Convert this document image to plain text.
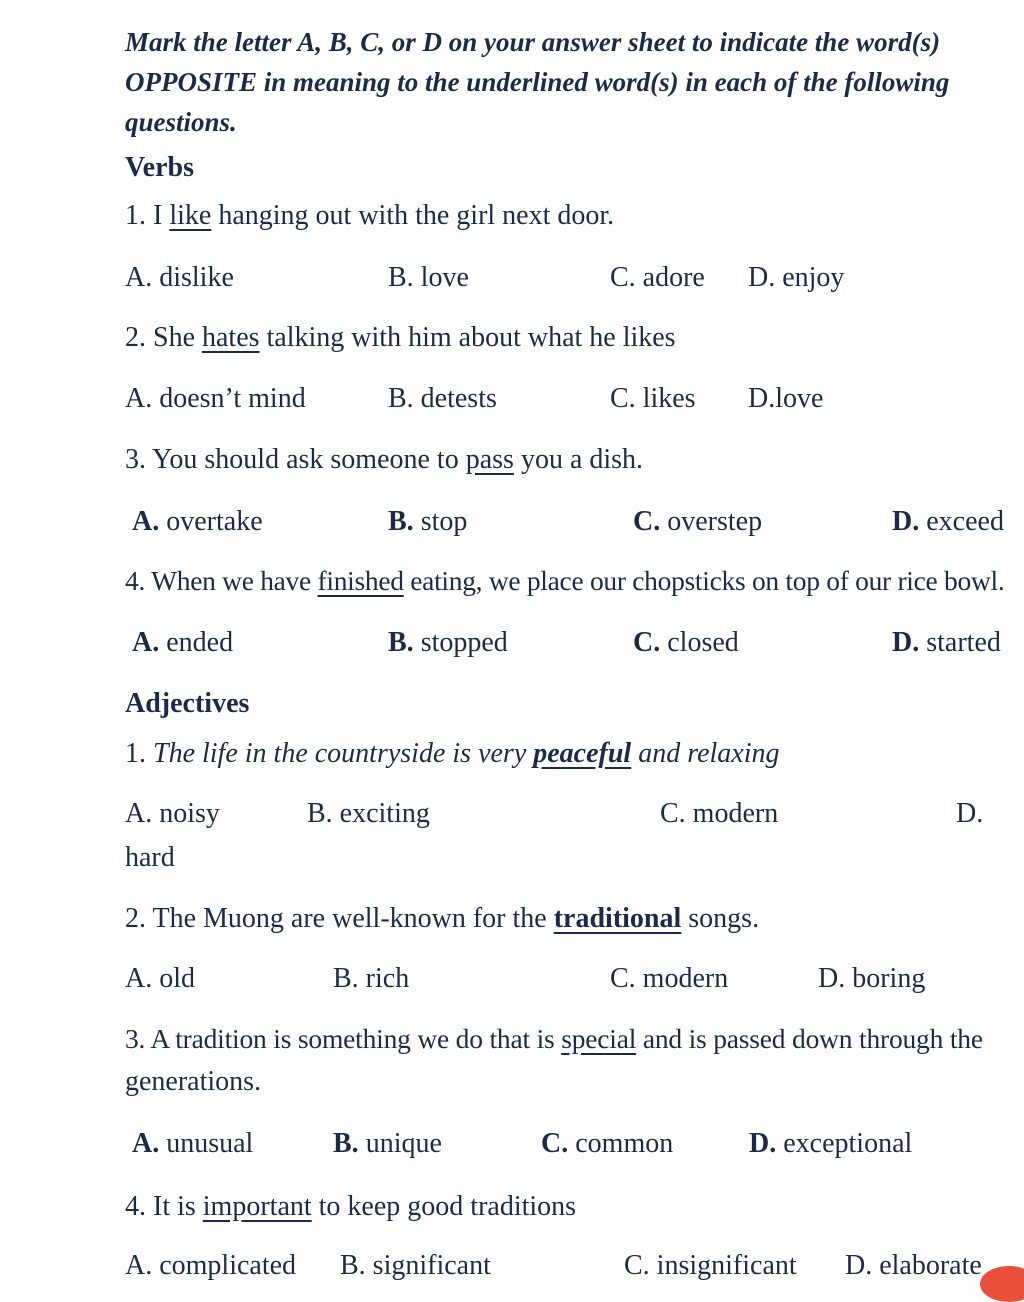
Mark the letter A, B, C, or D on your answer sheet to indicate the word(s) OPPOSITE in meaning to the underlined word(s) in each of the following questions.
Verbs
1. I like hanging out with the girl next door.
A. dislike	B. love	C. adore D. enjoy
2. She hates talking with him about what he likes
A. doesn’t mind	B. detests	C. likes D.love
3. You should ask someone to pass you a dish.
A. overtake	B. stop	C. overstep	D. exceed
4. When we have finished eating, we place our chopsticks on top of our rice bowl.
A. ended	B. stopped	C. closed	D. started
Adjectives
1. The life in the countryside is very peaceful and relaxing
A. noisy	B. exciting	C. modern	D.
hard
2. The Muong are well-known for the traditional songs.
A. old	B. rich	C. modern	D. boring
3. A tradition is something we do that is special and is passed down through the
generations.
A. unusual	B. unique	C. common	D. exceptional
4. It is important to keep good traditions
A. complicated B. significant	C. insignificant D. elaborate
